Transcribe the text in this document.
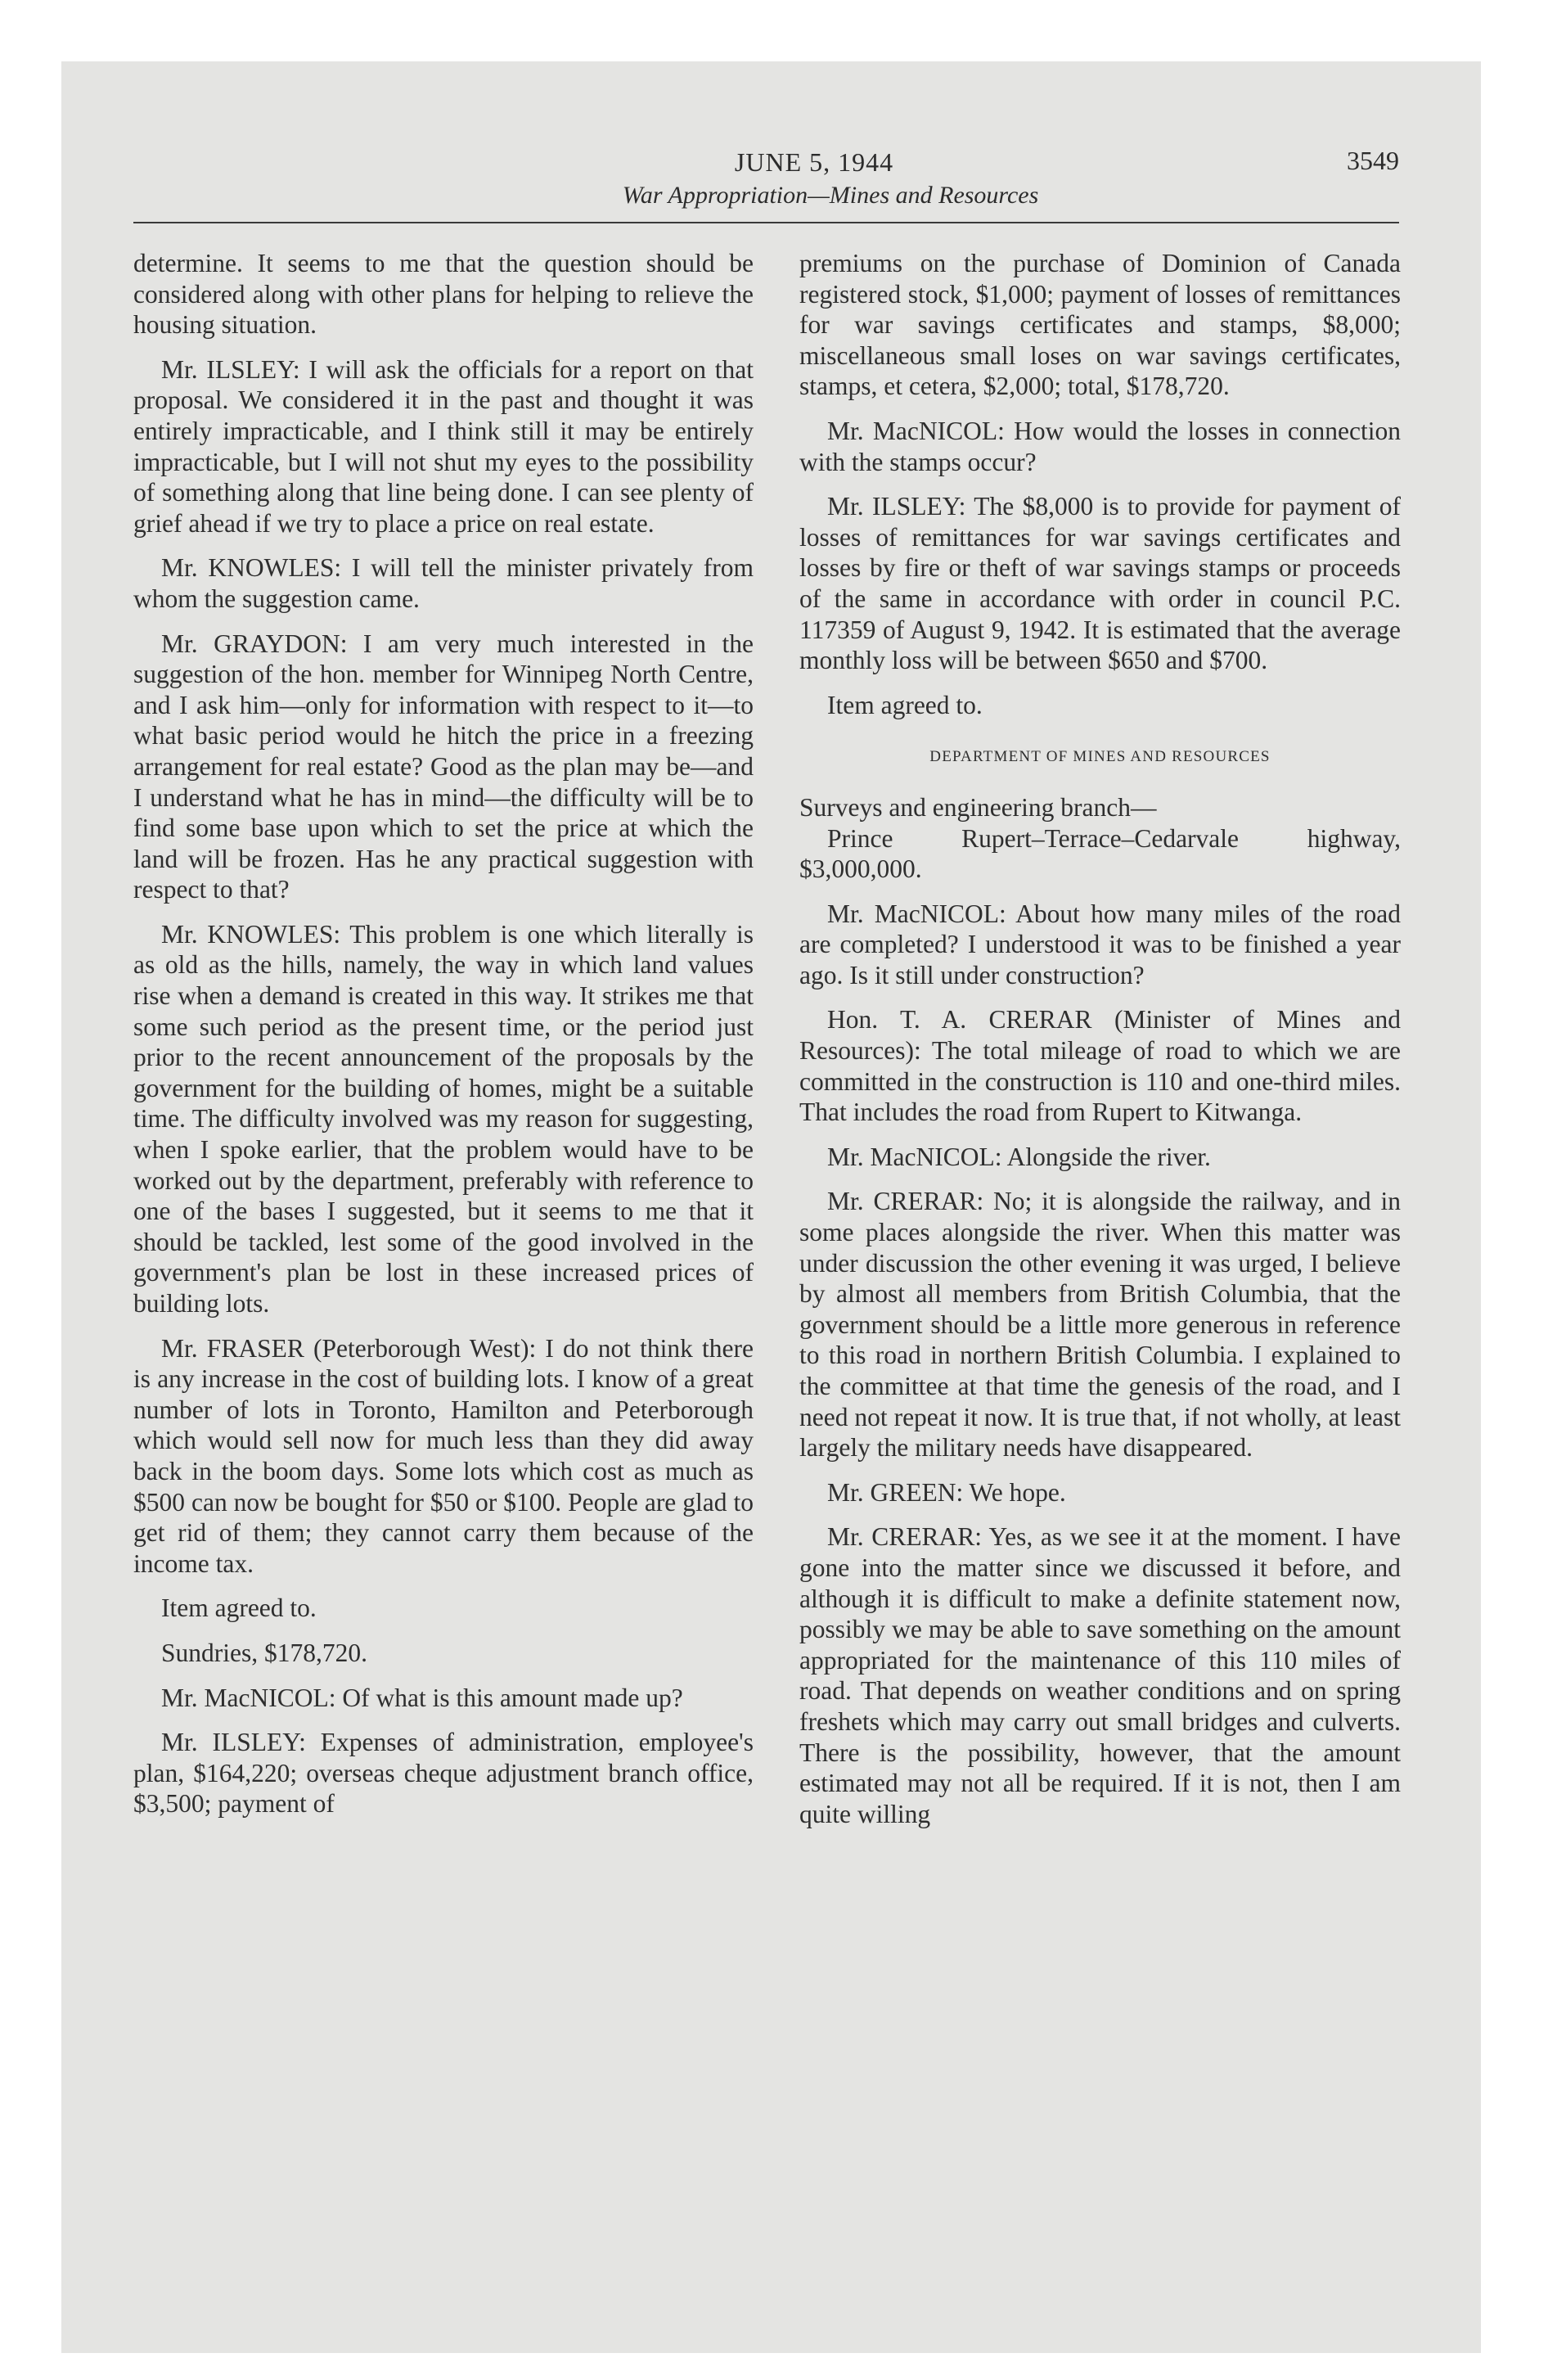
JUNE 5, 1944
War Appropriation—Mines and Resources
3549

determine. It seems to me that the question should be considered along with other plans for helping to relieve the housing situation.

Mr. ILSLEY: I will ask the officials for a report on that proposal. We considered it in the past and thought it was entirely impracticable, and I think still it may be entirely impracticable, but I will not shut my eyes to the possibility of something along that line being done. I can see plenty of grief ahead if we try to place a price on real estate.

Mr. KNOWLES: I will tell the minister privately from whom the suggestion came.

Mr. GRAYDON: I am very much interested in the suggestion of the hon. member for Winnipeg North Centre, and I ask him—only for information with respect to it—to what basic period would he hitch the price in a freezing arrangement for real estate? Good as the plan may be—and I understand what he has in mind—the difficulty will be to find some base upon which to set the price at which the land will be frozen. Has he any practical suggestion with respect to that?

Mr. KNOWLES: This problem is one which literally is as old as the hills, namely, the way in which land values rise when a demand is created in this way. It strikes me that some such period as the present time, or the period just prior to the recent announcement of the proposals by the government for the building of homes, might be a suitable time. The difficulty involved was my reason for suggesting, when I spoke earlier, that the problem would have to be worked out by the department, preferably with reference to one of the bases I suggested, but it seems to me that it should be tackled, lest some of the good involved in the government's plan be lost in these increased prices of building lots.

Mr. FRASER (Peterborough West): I do not think there is any increase in the cost of building lots. I know of a great number of lots in Toronto, Hamilton and Peterborough which would sell now for much less than they did away back in the boom days. Some lots which cost as much as $500 can now be bought for $50 or $100. People are glad to get rid of them; they cannot carry them because of the income tax.

Item agreed to.

Sundries, $178,720.

Mr. MacNICOL: Of what is this amount made up?

Mr. ILSLEY: Expenses of administration, employee's plan, $164,220; overseas cheque adjustment branch office, $3,500; payment of

premiums on the purchase of Dominion of Canada registered stock, $1,000; payment of losses of remittances for war savings certificates and stamps, $8,000; miscellaneous small loses on war savings certificates, stamps, et cetera, $2,000; total, $178,720.

Mr. MacNICOL: How would the losses in connection with the stamps occur?

Mr. ILSLEY: The $8,000 is to provide for payment of losses of remittances for war savings certificates and losses by fire or theft of war savings stamps or proceeds of the same in accordance with order in council P.C. 117359 of August 9, 1942. It is estimated that the average monthly loss will be between $650 and $700.

Item agreed to.

DEPARTMENT OF MINES AND RESOURCES

Surveys and engineering branch—

Prince Rupert–Terrace–Cedarvale highway, $3,000,000.

Mr. MacNICOL: About how many miles of the road are completed? I understood it was to be finished a year ago. Is it still under construction?

Hon. T. A. CRERAR (Minister of Mines and Resources): The total mileage of road to which we are committed in the construction is 110 and one-third miles. That includes the road from Rupert to Kitwanga.

Mr. MacNICOL: Alongside the river.

Mr. CRERAR: No; it is alongside the railway, and in some places alongside the river. When this matter was under discussion the other evening it was urged, I believe by almost all members from British Columbia, that the government should be a little more generous in reference to this road in northern British Columbia. I explained to the committee at that time the genesis of the road, and I need not repeat it now. It is true that, if not wholly, at least largely the military needs have disappeared.

Mr. GREEN: We hope.

Mr. CRERAR: Yes, as we see it at the moment. I have gone into the matter since we discussed it before, and although it is difficult to make a definite statement now, possibly we may be able to save something on the amount appropriated for the maintenance of this 110 miles of road. That depends on weather conditions and on spring freshets which may carry out small bridges and culverts. There is the possibility, however, that the amount estimated may not all be required. If it is not, then I am quite willing
